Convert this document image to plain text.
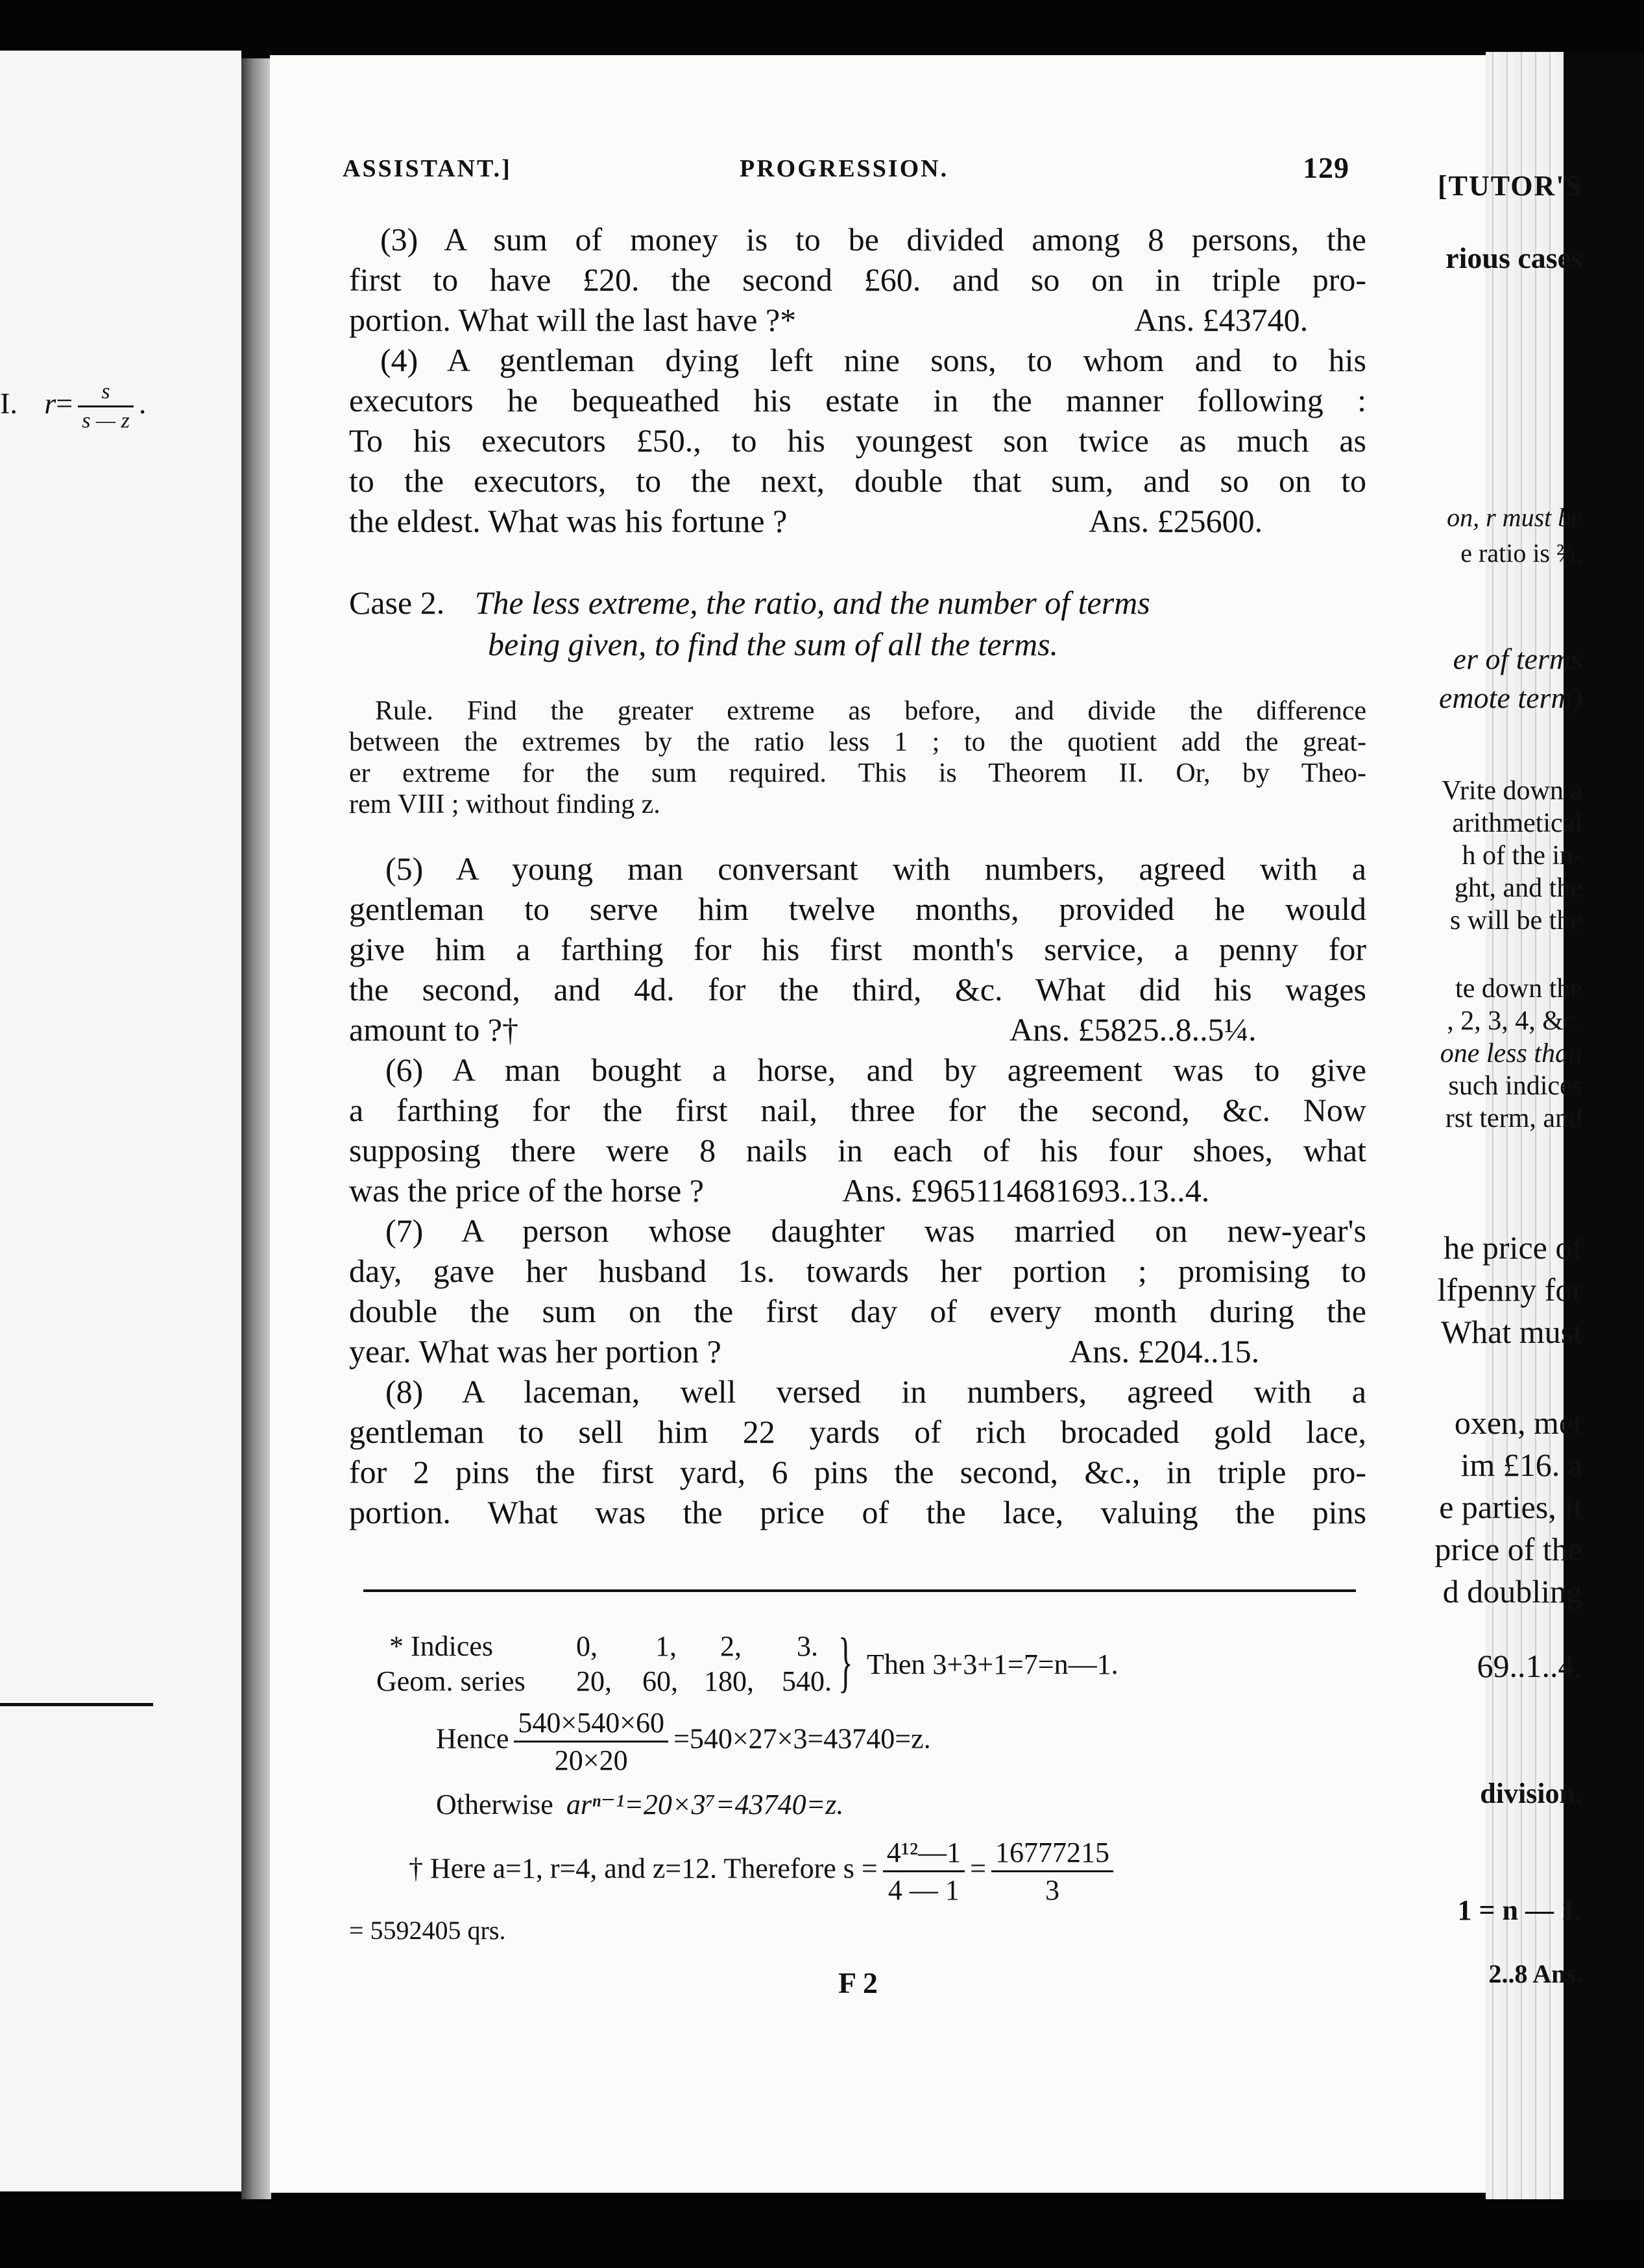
[TUTOR'S
rious cases
I. $r= \frac{s}{s — z}$ .
on, r must be
e ratio is ⅔,
er of terms
emote term)
Vrite down a
arithmetical
h of the in-
ght, and the
s will be the
te down the
, 2, 3, 4, &c.
one less than
such indices
rst term, and
he price of
lfpenny for
What must
oxen, met
im £16. a
e parties, it
price of the
d doubling
69..1..4.
division.
1 = n — 1.
2..8 Ans.
ASSISTANT.]	PROGRESSION.	129
(3) A sum of money is to be divided among 8 persons, the
first to have £20. the second £60. and so on in triple pro-
portion. What will the last have ?*	Ans. £43740.
(4) A gentleman dying left nine sons, to whom and to his
executors he bequeathed his estate in the manner following :
To his executors £50., to his youngest son twice as much as
to the executors, to the next, double that sum, and so on to
the eldest. What was his fortune ?	Ans. £25600.
Case 2. The less extreme, the ratio, and the number of terms
being given, to find the sum of all the terms.
Rule. Find the greater extreme as before, and divide the difference
between the extremes by the ratio less 1 ; to the quotient add the great-
er extreme for the sum required. This is Theorem II. Or, by Theo-
rem VIII ; without finding z.
(5) A young man conversant with numbers, agreed with a
gentleman to serve him twelve months, provided he would
give him a farthing for his first month's service, a penny for
the second, and 4d. for the third, &c. What did his wages
amount to ?†	Ans. £5825..8..5¼.
(6) A man bought a horse, and by agreement was to give
a farthing for the first nail, three for the second, &c. Now
supposing there were 8 nails in each of his four shoes, what
was the price of the horse ?	Ans. £965114681693..13..4.
(7) A person whose daughter was married on new-year's
day, gave her husband 1s. towards her portion ; promising to
double the sum on the first day of every month during the
year. What was her portion ?	Ans. £204..15.
(8) A laceman, well versed in numbers, agreed with a
gentleman to sell him 22 yards of rich brocaded gold lace,
for 2 pins the first yard, 6 pins the second, &c., in triple pro-
portion. What was the price of the lace, valuing the pins
* Indices	0, 1, 2, 3.
Geom. series 20, 60, 180, 540. } Then 3+3+1=7=n—1.
Hence $\frac{540\times 540\times 60}{20\times 20} =540\times 27\times 3=43740=z$.
Otherwise arⁿ⁻¹=20×3⁷=43740=z.
† Here a=1, r=4, and z=12. Therefore $s = \frac{\text{4¹²—1}}{4 — 1} = \frac{16777215}{3}$
= 5592405 qrs.
F 2
